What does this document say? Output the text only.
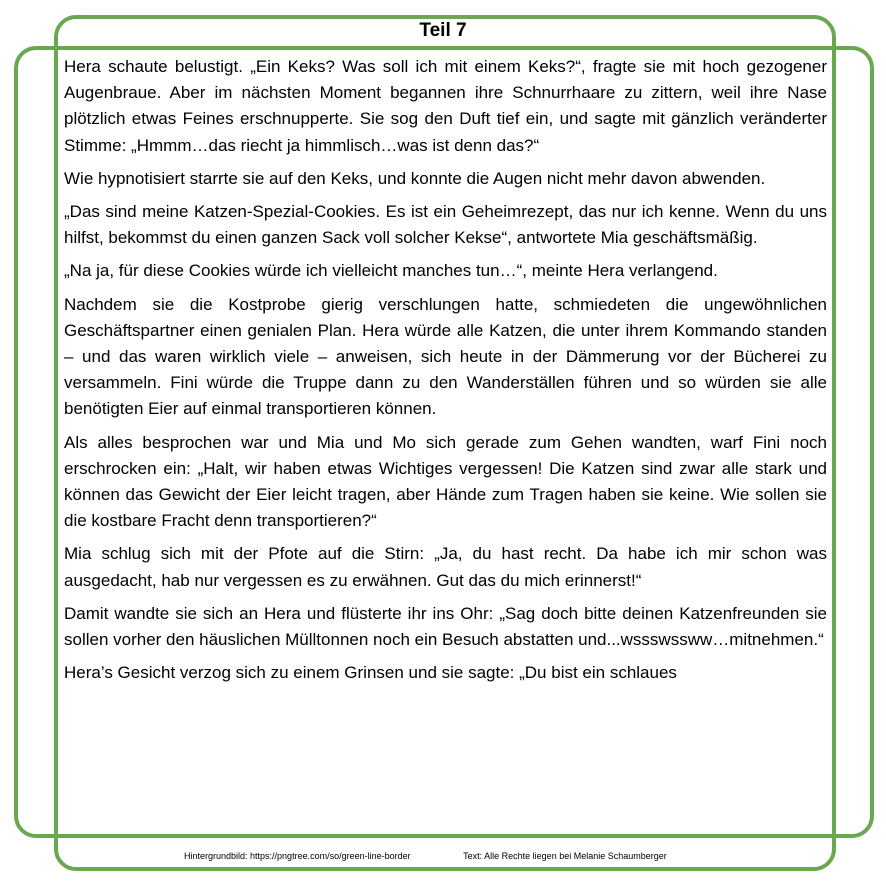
Teil 7

Hera schaute belustigt. „Ein Keks? Was soll ich mit einem Keks?“, fragte sie mit hoch gezogener Augenbraue. Aber im nächsten Moment begannen ihre Schnurrhaare zu zittern, weil ihre Nase plötzlich etwas Feines erschnupperte. Sie sog den Duft tief ein, und sagte mit gänzlich veränderter Stimme: „Hmmm…das riecht ja himmlisch…was ist denn das?“

Wie hypnotisiert starrte sie auf den Keks, und konnte die Augen nicht mehr davon abwenden.

„Das sind meine Katzen-Spezial-Cookies. Es ist ein Geheimrezept, das nur ich kenne. Wenn du uns hilfst, bekommst du einen ganzen Sack voll solcher Kekse“, antwortete Mia geschäftsmäßig.

„Na ja, für diese Cookies würde ich vielleicht manches tun…“, meinte Hera verlangend.

Nachdem sie die Kostprobe gierig verschlungen hatte, schmiedeten die ungewöhnlichen Geschäftspartner einen genialen Plan. Hera würde alle Katzen, die unter ihrem Kommando standen – und das waren wirklich viele – anweisen, sich heute in der Dämmerung vor der Bücherei zu versammeln. Fini würde die Truppe dann zu den Wanderställen führen und so würden sie alle benötigten Eier auf einmal transportieren können.

Als alles besprochen war und Mia und Mo sich gerade zum Gehen wandten, warf Fini noch erschrocken ein: „Halt, wir haben etwas Wichtiges vergessen! Die Katzen sind zwar alle stark und können das Gewicht der Eier leicht tragen, aber Hände zum Tragen haben sie keine. Wie sollen sie die kostbare Fracht denn transportieren?“

Mia schlug sich mit der Pfote auf die Stirn: „Ja, du hast recht. Da habe ich mir schon was ausgedacht, hab nur vergessen es zu erwähnen. Gut das du mich erinnerst!“

Damit wandte sie sich an Hera und flüsterte ihr ins Ohr: „Sag doch bitte deinen Katzenfreunden sie sollen vorher den häuslichen Mülltonnen noch ein Besuch abstatten und...wssswssww…mitnehmen.“

Hera’s Gesicht verzog sich zu einem Grinsen und sie sagte: „Du bist ein schlaues

Hintergrundbild: https://pngtree.com/so/green-line-border	Text: Alle Rechte liegen bei Melanie Schaumberger
